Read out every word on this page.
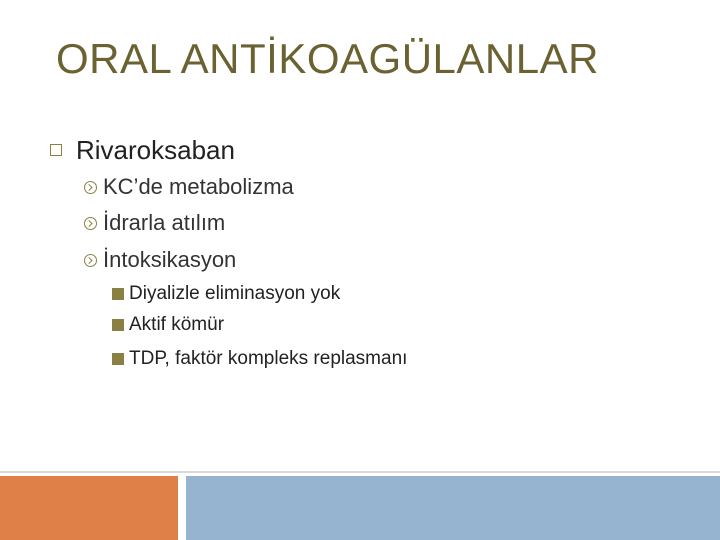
ORAL ANTİKOAGÜLANLAR
Rivaroksaban
KC’de metabolizma
İdrarla atılım
İntoksikasyon
Diyalizle eliminasyon yok
Aktif kömür
TDP, faktör kompleks replasmanı
